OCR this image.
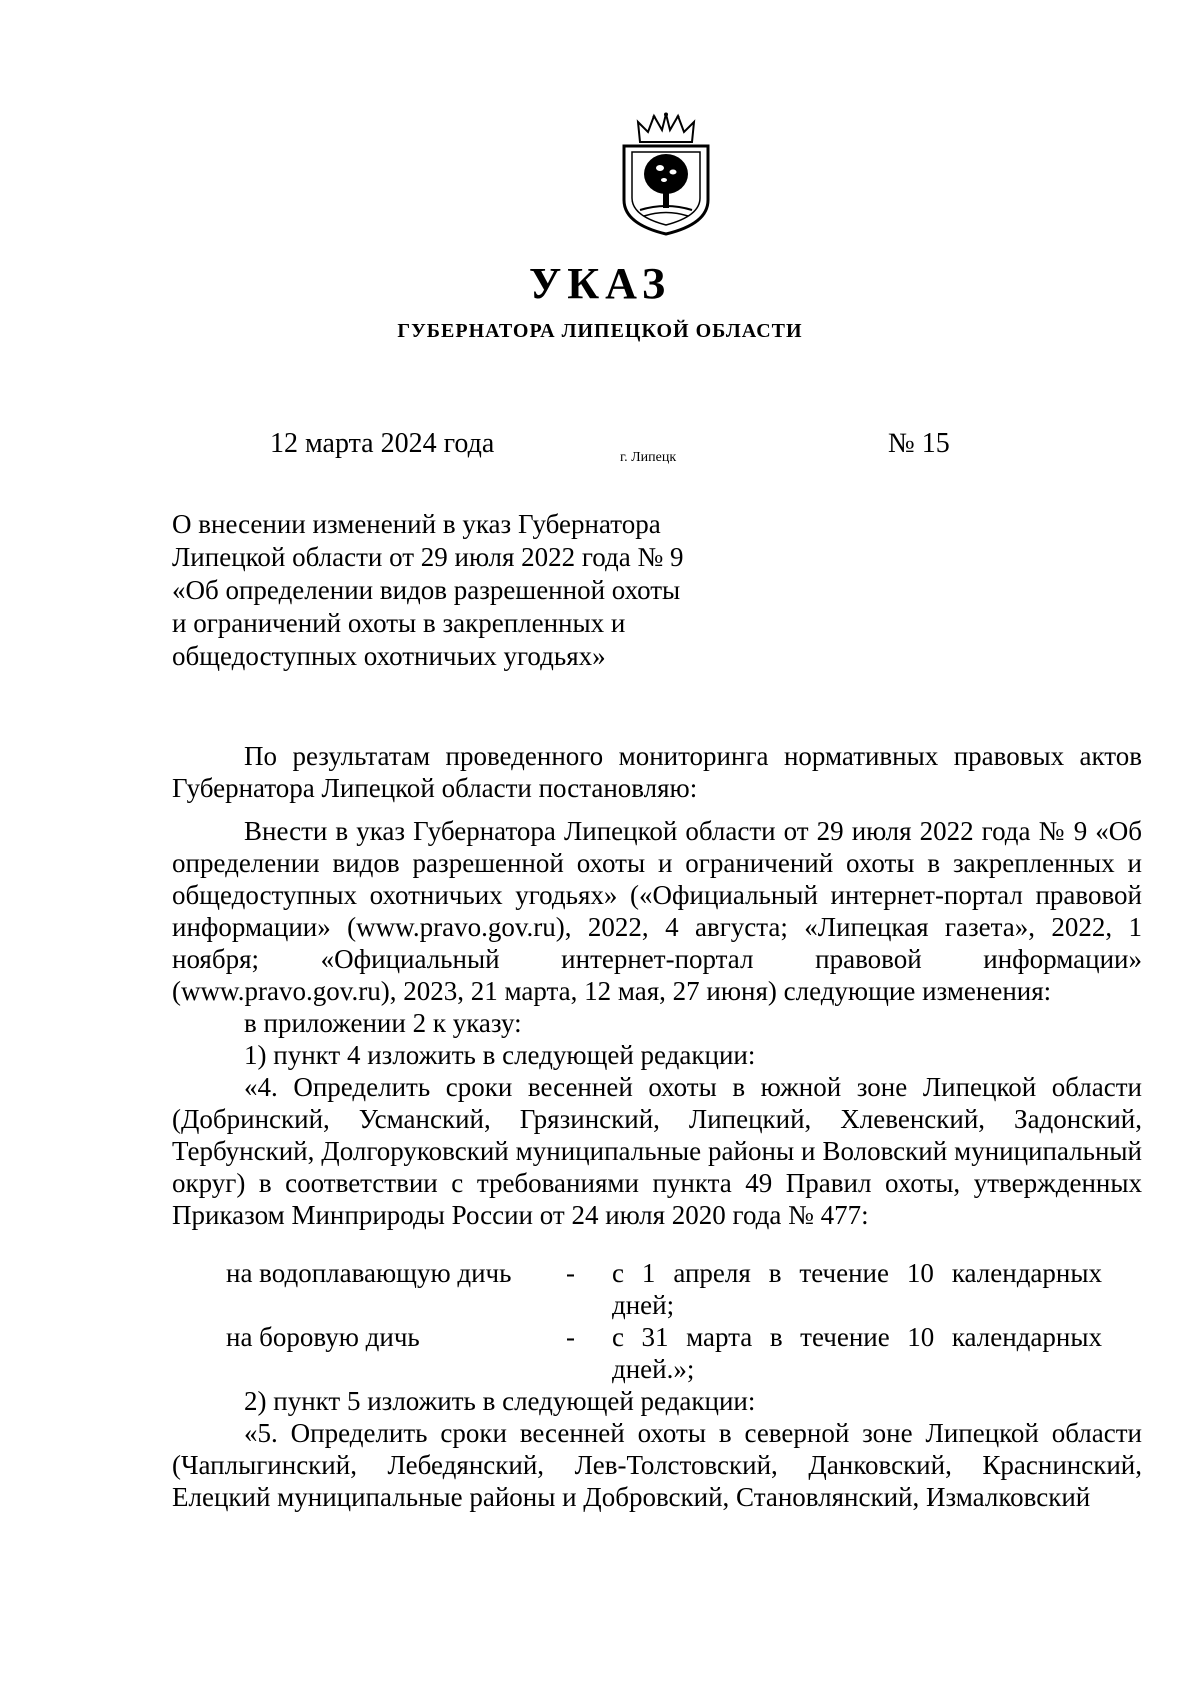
УКАЗ
ГУБЕРНАТОРА ЛИПЕЦКОЙ ОБЛАСТИ
12 марта 2024 года	г. Липецк	№ 15
О внесении изменений в указ Губернатора
Липецкой области от 29 июля 2022 года № 9
«Об определении видов разрешенной охоты
и ограничений охоты в закрепленных и
общедоступных охотничьих угодьях»

По результатам проведенного мониторинга нормативных правовых актов Губернатора Липецкой области постановляю:

Внести в указ Губернатора Липецкой области от 29 июля 2022 года № 9 «Об определении видов разрешенной охоты и ограничений охоты в закрепленных и общедоступных охотничьих угодьях» («Официальный интернет-портал правовой информации» (www.pravo.gov.ru), 2022, 4 августа; «Липецкая газета», 2022, 1 ноября; «Официальный интернет-портал правовой информации» (www.pravo.gov.ru), 2023, 21 марта, 12 мая, 27 июня) следующие изменения:

в приложении 2 к указу:

1) пункт 4 изложить в следующей редакции:

«4. Определить сроки весенней охоты в южной зоне Липецкой области (Добринский, Усманский, Грязинский, Липецкий, Хлевенский, Задонский, Тербунский, Долгоруковский муниципальные районы и Воловский муниципальный округ) в соответствии с требованиями пункта 49 Правил охоты, утвержденных Приказом Минприроды России от 24 июля 2020 года № 477:

на водоплавающую дичь	-	с 1 апреля в течение 10 календарных
дней;

на боровую дичь	-	с 31 марта в течение 10 календарных
дней.»;

2) пункт 5 изложить в следующей редакции:

«5. Определить сроки весенней охоты в северной зоне Липецкой области (Чаплыгинский, Лебедянский, Лев-Толстовский, Данковский, Краснинский, Елецкий муниципальные районы и Добровский, Становлянский, Измалковский
